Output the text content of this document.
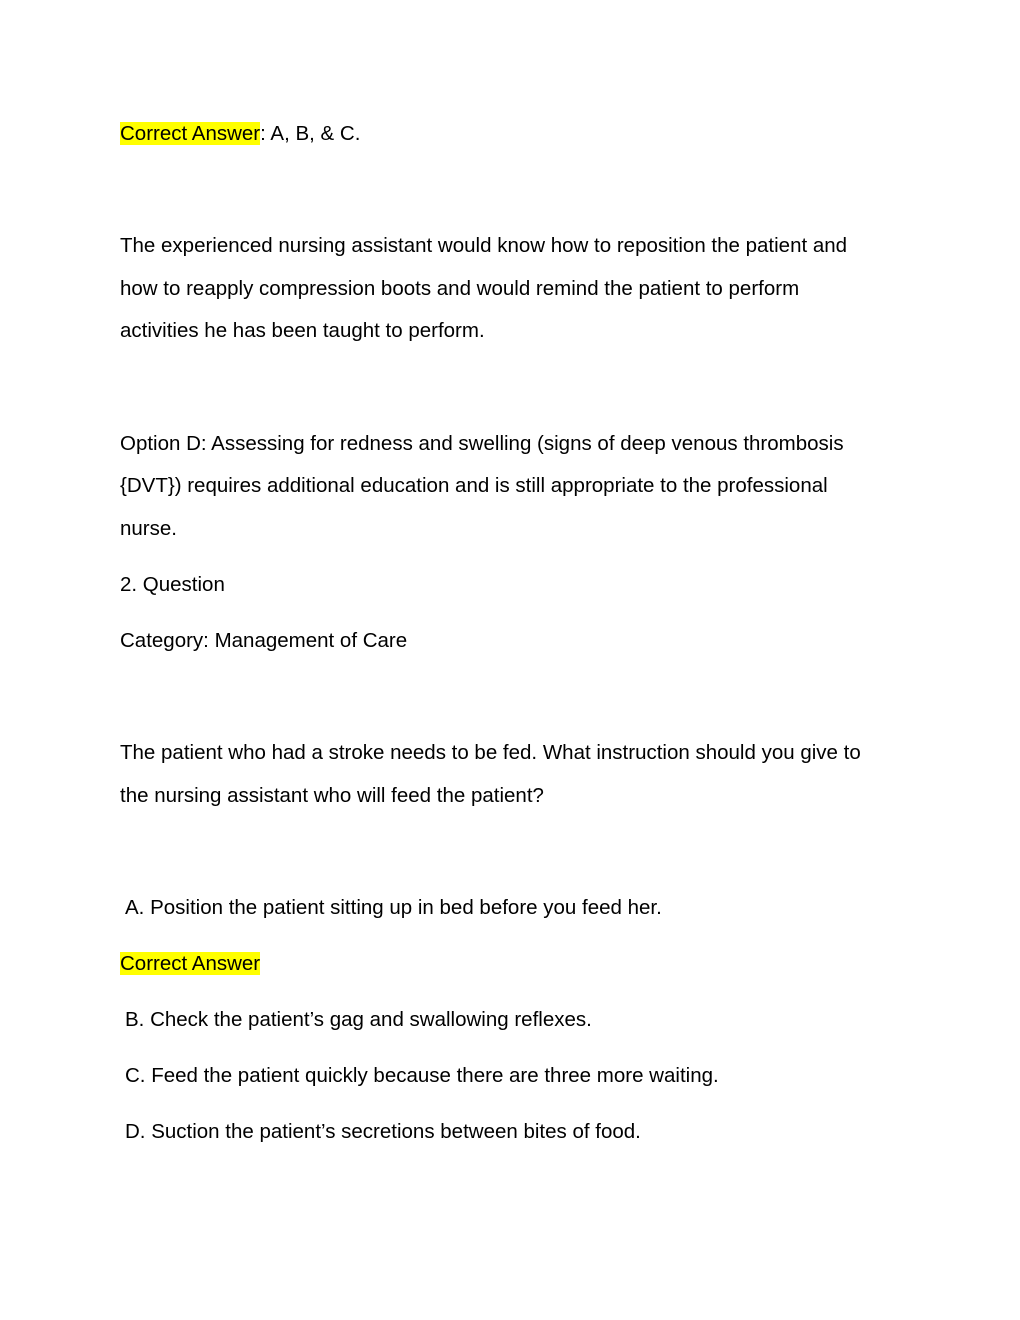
Correct Answer: A, B, & C.
The experienced nursing assistant would know how to reposition the patient and
how to reapply compression boots and would remind the patient to perform
activities he has been taught to perform.
Option D: Assessing for redness and swelling (signs of deep venous thrombosis
{DVT}) requires additional education and is still appropriate to the professional
nurse.
2. Question
Category: Management of Care
The patient who had a stroke needs to be fed. What instruction should you give to
the nursing assistant who will feed the patient?
A. Position the patient sitting up in bed before you feed her.
Correct Answer
B. Check the patient’s gag and swallowing reflexes.
C. Feed the patient quickly because there are three more waiting.
D. Suction the patient’s secretions between bites of food.
